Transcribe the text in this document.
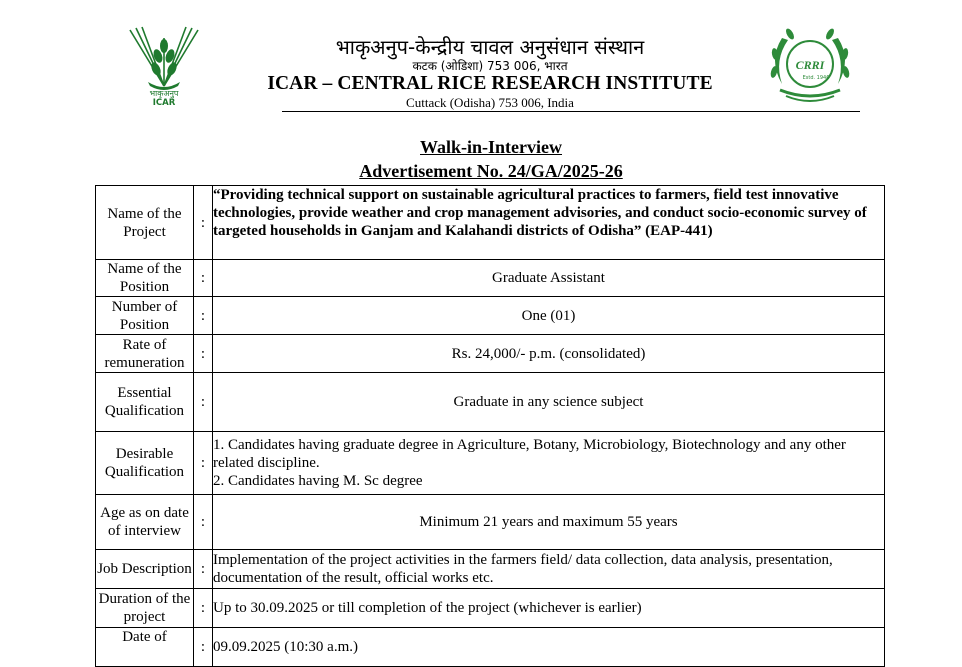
भाकृअनुप
ICAR
CRRI
Estd. 1946
भाकृअनुप-केन्द्रीय चावल अनुसंधान संस्थान
कटक (ओडिशा) 753 006, भारत
ICAR – CENTRAL RICE RESEARCH INSTITUTE
Cuttack (Odisha) 753 006, India
Walk-in-Interview
Advertisement No. 24/GA/2025-26
Name of the Project	:	“Providing technical support on sustainable agricultural practices to farmers, field test innovative technologies, provide weather and crop management advisories, and conduct socio-economic survey of targeted households in Ganjam and Kalahandi districts of Odisha” (EAP-441)
Name of the Position	:	Graduate Assistant
Number of Position	:	One (01)
Rate of remuneration	:	Rs. 24,000/- p.m. (consolidated)
Essential Qualification	:	Graduate in any science subject
Desirable Qualification	:	1. Candidates having graduate degree in Agriculture, Botany, Microbiology, Biotechnology and any other related discipline.
2. Candidates having M. Sc degree

Age as on date of interview	:	Minimum 21 years and maximum 55 years
Job Description	:	Implementation of the project activities in the farmers field/ data collection, data analysis, presentation, documentation of the result, official works etc.
Duration of the project	:	Up to 30.09.2025 or till completion of the project (whichever is earlier)
Date of	:	09.09.2025 (10:30 a.m.)
